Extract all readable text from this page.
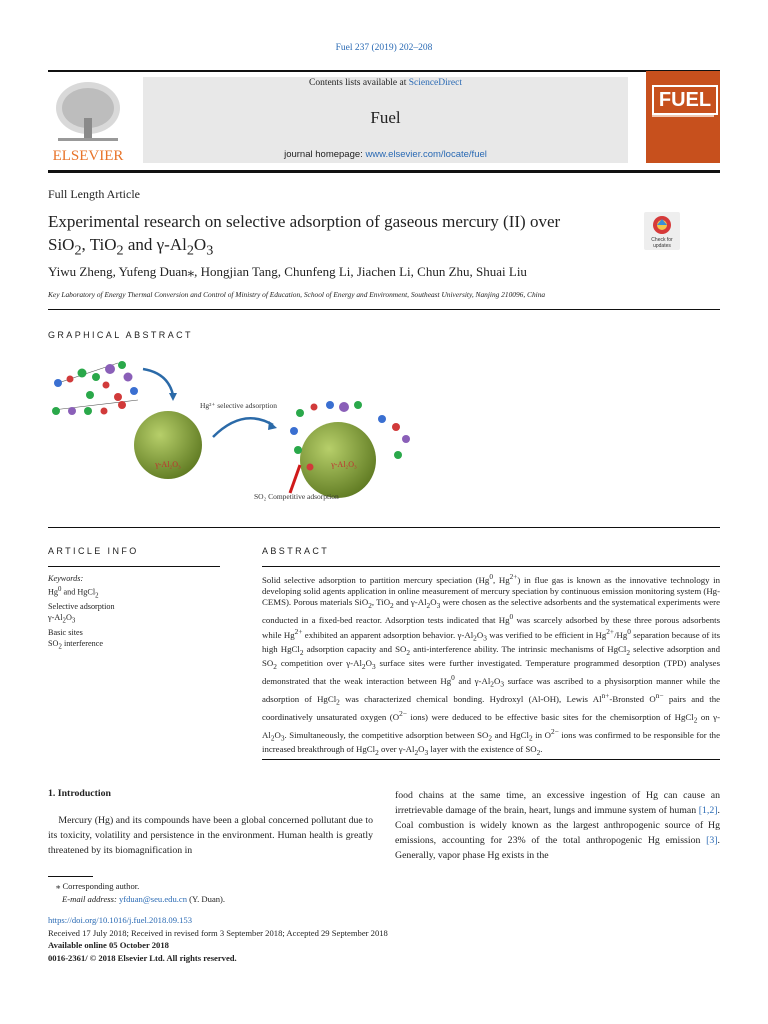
Fuel 237 (2019) 202–208
ELSEVIER
Contents lists available at ScienceDirect
Fuel
journal homepage: www.elsevier.com/locate/fuel
FUEL
Full Length Article
Experimental research on selective adsorption of gaseous mercury (II) over
SiO$_2$, TiO$_2$ and $\gamma-Al_2O_3$
Check for
updates
Yiwu Zheng, Yufeng Duan⁎, Hongjian Tang, Chunfeng Li, Jiachen Li, Chun Zhu, Shuai Liu
Key Laboratory of Energy Thermal Conversion and Control of Ministry of Education, School of Energy and Environment, Southeast University, Nanjing 210096, China
GRAPHICAL ABSTRACT
γ-Al₂O₃
Hg²⁺ selective adsorption
γ-Al₂O₃
SO₂ Competitive adsorption
ARTICLE INFO
Keywords:
Hg$^0$ and HgCl$_2$
Selective adsorption
$\gamma-Al_2O_3$
Basic sites
$SO_2$ interference
ABSTRACT
Solid selective adsorption to partition mercury speciation (Hg$^0$, $Hg^{2+}$) in flue gas is known as the innovative technology in developing solid agents application in online measurement of mercury speciation by continuous emission monitoring system (Hg-CEMS). Porous materials SiO$_2$, TiO$_2$ and $\gamma-Al_2O_3$ were chosen as the selective adsorbents and the systematical experiments were conducted in a fixed-bed reactor. Adsorption tests indicated that Hg$^0$ was scarcely adsorbed by these three porous adsorbents while $Hg^{2+}$ exhibited an apparent adsorption behavior. $\gamma-Al_2O_3$ was verified to be efficient in $Hg^{2+}/Hg^0$ separation because of its high HgCl$_2$ adsorption capacity and $SO_2$ anti-interference ability. The intrinsic mechanisms of HgCl$_2$ selective adsorption and $SO_2$ competition over $\gamma-Al_2O_3$ surface sites were further investigated. Temperature programmed desorption (TPD) analyses demonstrated that the weak interaction between Hg$^0$ and $\gamma-Al_2O_3$ surface was ascribed to a physisorption manner while the adsorption of HgCl$_2$ was characterized chemical bonding. Hydroxyl (Al-OH), Lewis $Al^{n+}$-Bronsted $O^{n-}$ pairs and the coordinatively unsaturated oxygen ($O^{2-}$ ions) were deduced to be effective basic sites for the chemisorption of HgCl$_2$ on $\gamma-Al_2O_3$. Simultaneously, the competitive adsorption between $SO_2$ and HgCl$_2$ in $O^{2-}$ ions was confirmed to be responsible for the increased breakthrough of HgCl$_2$ over $\gamma-Al_2O_3$ layer with the existence of $SO_2$.
1. Introduction
Mercury (Hg) and its compounds have been a global concerned pollutant due to its toxicity, volatility and persistence in the environment. Human health is greatly threatened by its biomagnification in
food chains at the same time, an excessive ingestion of Hg can cause an irretrievable damage of the brain, heart, lungs and immune system of human [1,2]. Coal combustion is widely known as the largest anthropogenic source of Hg emissions, accounting for 23% of the total anthropogenic Hg emission [3]. Generally, vapor phase Hg exists in the
⁎ Corresponding author.
E-mail address: yfduan@seu.edu.cn (Y. Duan).
https://doi.org/10.1016/j.fuel.2018.09.153
Received 17 July 2018; Received in revised form 3 September 2018; Accepted 29 September 2018
Available online 05 October 2018
0016-2361/ © 2018 Elsevier Ltd. All rights reserved.
